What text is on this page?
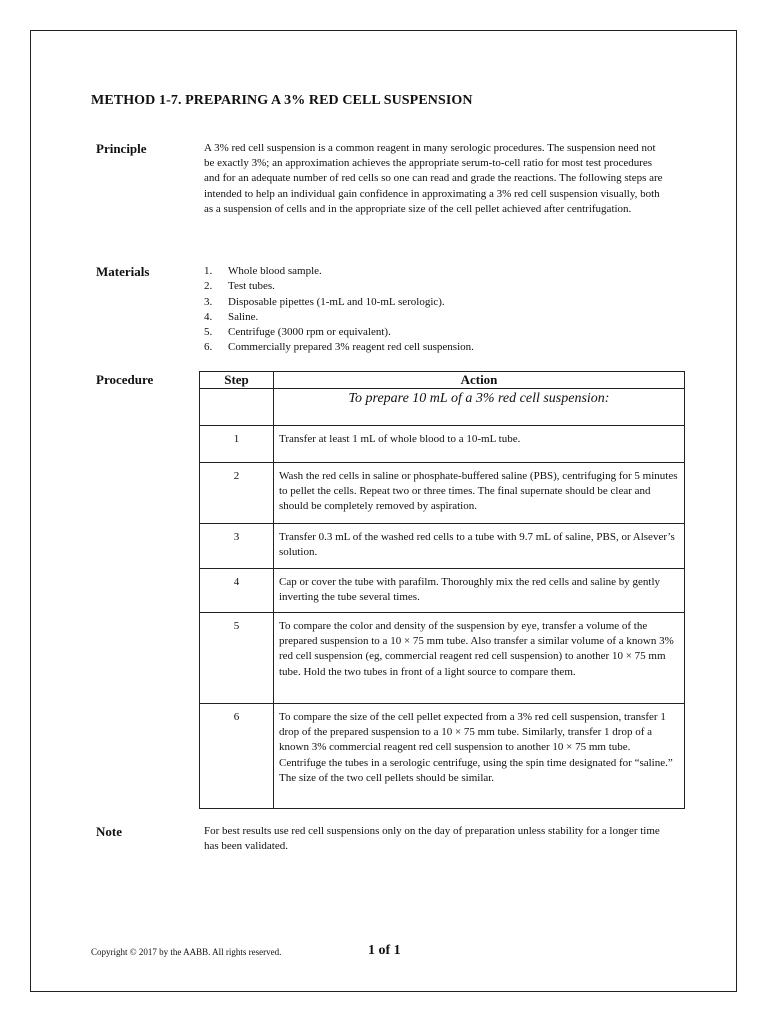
METHOD 1-7. PREPARING A 3% RED CELL SUSPENSION
Principle	A 3% red cell suspension is a common reagent in many serologic procedures. The suspension need not be exactly 3%; an approximation achieves the appropriate serum-to-cell ratio for most test procedures and for an adequate number of red cells so one can read and grade the reactions. The following steps are intended to help an individual gain confidence in approximating a 3% red cell suspension visually, both as a suspension of cells and in the appropriate size of the cell pellet achieved after centrifugation.
Materials	1.	Whole blood sample.
2.	Test tubes.
3.	Disposable pipettes (1-mL and 10-mL serologic).
4.	Saline.
5.	Centrifuge (3000 rpm or equivalent).
6.	Commercially prepared 3% reagent red cell suspension.
Procedure	Step	Action
	To prepare 10 mL of a 3% red cell suspension:
1	Transfer at least 1 mL of whole blood to a 10-mL tube.
2	Wash the red cells in saline or phosphate-buffered saline (PBS), centrifuging for 5 minutes to pellet the cells. Repeat two or three times. The final supernate should be clear and should be completely removed by aspiration.
3	Transfer 0.3 mL of the washed red cells to a tube with 9.7 mL of saline, PBS, or Alsever’s solution.
4	Cap or cover the tube with parafilm. Thoroughly mix the red cells and saline by gently inverting the tube several times.
5	To compare the color and density of the suspension by eye, transfer a volume of the prepared suspension to a 10 × 75 mm tube. Also transfer a similar volume of a known 3% red cell suspension (eg, commercial reagent red cell suspension) to another 10 × 75 mm tube. Hold the two tubes in front of a light source to compare them.
6	To compare the size of the cell pellet expected from a 3% red cell suspension, transfer 1 drop of the prepared suspension to a 10 × 75 mm tube. Similarly, transfer 1 drop of a known 3% commercial reagent red cell suspension to another 10 × 75 mm tube. Centrifuge the tubes in a serologic centrifuge, using the spin time designated for “saline.” The size of the two cell pellets should be similar.
Note	For best results use red cell suspensions only on the day of preparation unless stability for a longer time has been validated.
Copyright © 2017 by the AABB. All rights reserved.	1 of 1
